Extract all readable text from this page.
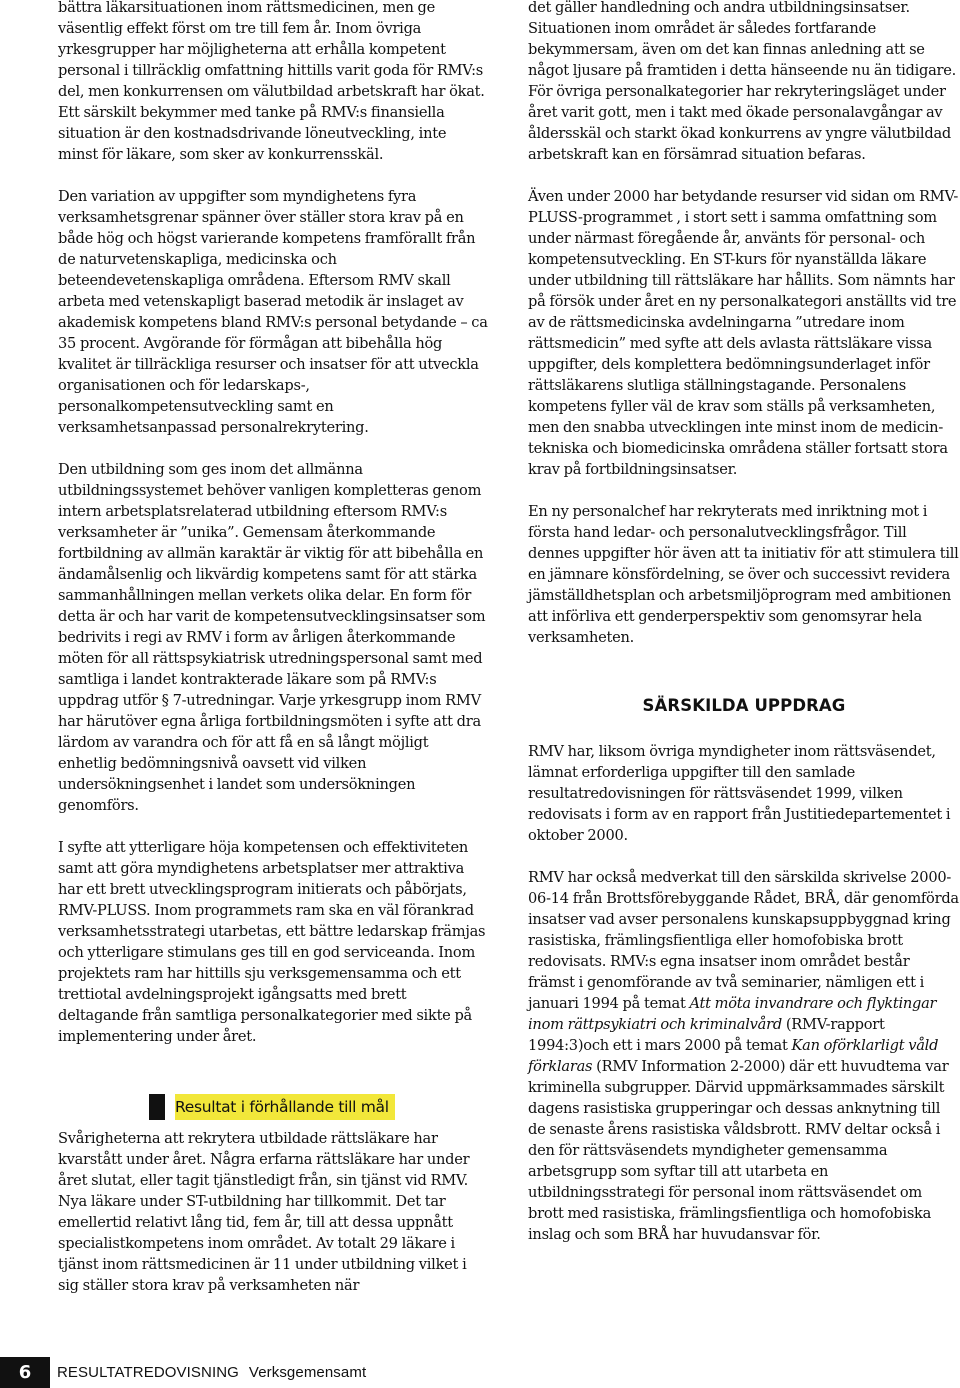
bättra läkarsituationen inom rättsmedicinen, men ge väsentlig effekt först om tre till fem år. Inom övriga yrkesgrupper har möjligheterna att erhålla kompetent personal i tillräcklig omfattning hittills varit goda för RMV:s del, men konkurrensen om välutbildad arbetskraft har ökat. Ett särskilt bekymmer med tanke på RMV:s finansiella situation är den kostnadsdrivande löneutveckling, inte minst för läkare, som sker av konkurrensskäl.

Den variation av uppgifter som myndighetens fyra verksamhetsgrenar spänner över ställer stora krav på en både hög och högst varierande kompetens framförallt från de naturvetenskapliga, medicinska och beteendevetenskapliga områdena. Eftersom RMV skall arbeta med vetenskapligt baserad metodik är inslaget av akademisk kompetens bland RMV:s personal betydande – ca 35 procent. Avgörande för förmågan att bibehålla hög kvalitet är tillräckliga resurser och insatser för att utveckla organisationen och för ledarskaps-, personalkompetensutveckling samt en verksamhetsanpassad personalrekrytering.

Den utbildning som ges inom det allmänna utbildningssystemet behöver vanligen kompletteras genom intern arbetsplatsrelaterad utbildning eftersom RMV:s verksamheter är ”unika”. Gemensam återkommande fortbildning av allmän karaktär är viktig för att bibehålla en ändamålsenlig och likvärdig kompetens samt för att stärka sammanhållningen mellan verkets olika delar. En form för detta är och har varit de kompetensutvecklingsinsatser som bedrivits i regi av RMV i form av årligen återkommande möten för all rättspsykiatrisk utredningspersonal samt med samtliga i landet kontrakterade läkare som på RMV:s uppdrag utför § 7-utredningar. Varje yrkesgrupp inom RMV har härutöver egna årliga fortbildningsmöten i syfte att dra lärdom av varandra och för att få en så långt möjligt enhetlig bedömningsnivå oavsett vid vilken undersökningsenhet i landet som undersökningen genomförs.

I syfte att ytterligare höja kompetensen och effektiviteten samt att göra myndighetens arbetsplatser mer attraktiva har ett brett utvecklingsprogram initierats och påbörjats, RMV-PLUSS. Inom programmets ram ska en väl förankrad verksamhetsstrategi utarbetas, ett bättre ledarskap främjas och ytterligare stimulans ges till en god serviceanda. Inom projektets ram har hittills sju verksgemensamma och ett trettiotal avdelningsprojekt igångsatts med brett deltagande från samtliga personalkategorier med sikte på implementering under året.

Resultat i förhållande till mål

Svårigheterna att rekrytera utbildade rättsläkare har kvarstått under året. Några erfarna rättsläkare har under året slutat, eller tagit tjänstledigt från, sin tjänst vid RMV. Nya läkare under ST-utbildning har tillkommit. Det tar emellertid relativt lång tid, fem år, till att dessa uppnått specialistkompetens inom området. Av totalt 29 läkare i tjänst inom rättsmedicinen är 11 under utbildning vilket i sig ställer stora krav på verksamheten när

det gäller handledning och andra utbildningsinsatser. Situationen inom området är således fortfarande bekymmersam, även om det kan finnas anledning att se något ljusare på framtiden i detta hänseende nu än tidigare. För övriga personalkategorier har rekryteringsläget under året varit gott, men i takt med ökade personalavgångar av åldersskäl och starkt ökad konkurrens av yngre välutbildad arbetskraft kan en försämrad situation befaras.

Även under 2000 har betydande resurser vid sidan om RMV-PLUSS-programmet , i stort sett i samma omfattning som under närmast föregående år, använts för personal- och kompetensutveckling. En ST-kurs för nyanställda läkare under utbildning till rättsläkare har hållits. Som nämnts har på försök under året en ny personalkategori anställts vid tre av de rättsmedicinska avdelningarna ”utredare inom rättsmedicin” med syfte att dels avlasta rättsläkare vissa uppgifter, dels komplettera bedömningsunderlaget inför rättsläkarens slutliga ställningstagande. Personalens kompetens fyller väl de krav som ställs på verksamheten, men den snabba utvecklingen inte minst inom de medicin-tekniska och biomedicinska områdena ställer fortsatt stora krav på fortbildningsinsatser.

En ny personalchef har rekryterats med inriktning mot i första hand ledar- och personalutvecklingsfrågor. Till dennes uppgifter hör även att ta initiativ för att stimulera till en jämnare könsfördelning, se över och successivt revidera jämställdhetsplan och arbetsmiljöprogram med ambitionen att införliva ett genderperspektiv som genomsyrar hela verksamheten.

SÄRSKILDA UPPDRAG

RMV har, liksom övriga myndigheter inom rättsväsendet, lämnat erforderliga uppgifter till den samlade resultatredovisningen för rättsväsendet 1999, vilken redovisats i form av en rapport från Justitiedepartementet i oktober 2000.

RMV har också medverkat till den särskilda skrivelse 2000-06-14 från Brottsförebyggande Rådet, BRÅ, där genomförda insatser vad avser personalens kunskapsuppbyggnad kring rasistiska, främlingsfientliga eller homofobiska brott redovisats. RMV:s egna insatser inom området består främst i genomförande av två seminarier, nämligen ett i januari 1994 på temat Att möta invandrare och flyktingar inom rättpsykiatri och kriminalvård (RMV-rapport 1994:3)och ett i mars 2000 på temat Kan oförklarligt våld förklaras (RMV Information 2-2000) där ett huvudtema var kriminella subgrupper. Därvid uppmärksammades särskilt dagens rasistiska grupperingar och dessas anknytning till de senaste årens rasistiska våldsbrott. RMV deltar också i den för rättsväsendets myndigheter gemensamma arbetsgrupp som syftar till att utarbeta en utbildningsstrategi för personal inom rättsväsendet om brott med rasistiska, främlingsfientliga och homofobiska inslag och som BRÅ har huvudansvar för.

6	RESULTATREDOVISNING Verksgemensamt
